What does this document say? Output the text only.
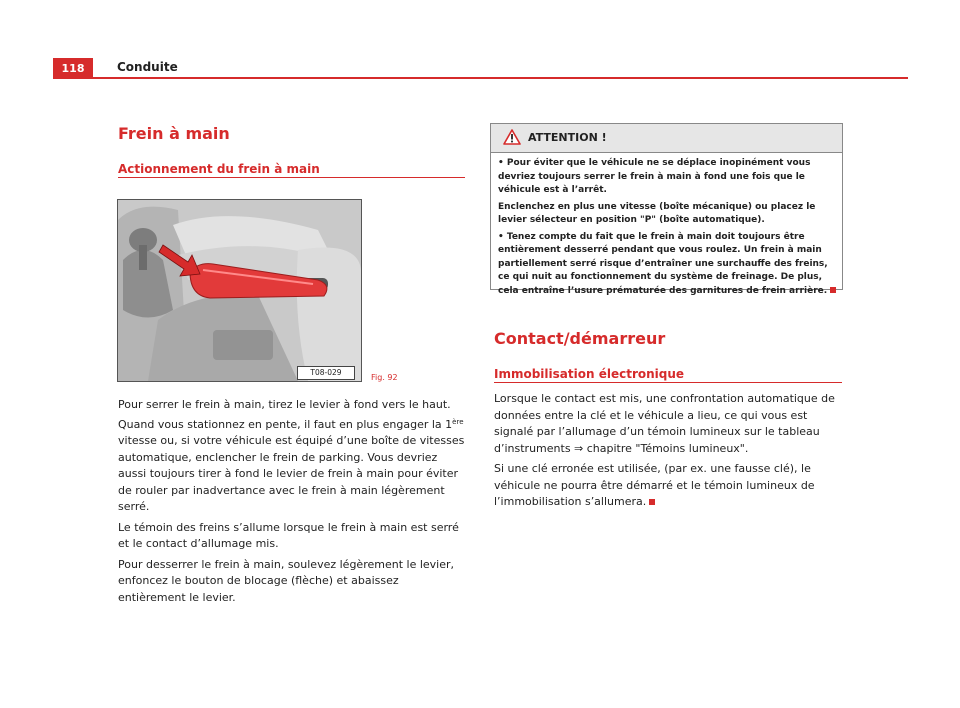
118	Conduite
Frein à main
Actionnement du frein à main
T08-029
Fig. 92

Pour serrer le frein à main, tirez le levier à fond vers le haut. Quand vous stationnez en pente, il faut en plus engager la 1ère vitesse ou, si votre véhicule est équipé d’une boîte de vitesses automatique, enclencher le frein de parking. Vous devriez aussi toujours tirer à fond le levier de frein à main pour éviter de rouler par inadvertance avec le frein à main légèrement serré.

Le témoin des freins s’allume lorsque le frein à main est serré et le contact d’allumage mis.

Pour desserrer le frein à main, soulevez légèrement le levier, enfoncez le bouton de blocage (flèche) et abaissez entièrement le levier.

ATTENTION !

• Pour éviter que le véhicule ne se déplace inopinément vous devriez toujours serrer le frein à main à fond une fois que le véhicule est à l’arrêt.

Enclenchez en plus une vitesse (boîte mécanique) ou placez le levier sélecteur en position "P" (boîte automatique).

• Tenez compte du fait que le frein à main doit toujours être entièrement desserré pendant que vous roulez. Un frein à main partiellement serré risque d’entraîner une surchauffe des freins, ce qui nuit au fonctionnement du système de freinage. De plus, cela entraîne l’usure prématurée des garnitures de frein arrière.

Contact/démarreur
Immobilisation électronique

Lorsque le contact est mis, une confrontation automatique de données entre la clé et le véhicule a lieu, ce qui vous est signalé par l’allumage d’un témoin lumineux sur le tableau d’instruments ⇒ chapitre "Témoins lumineux".

Si une clé erronée est utilisée, (par ex. une fausse clé), le véhicule ne pourra être démarré et le témoin lumineux de l’immobilisation s’allumera.
